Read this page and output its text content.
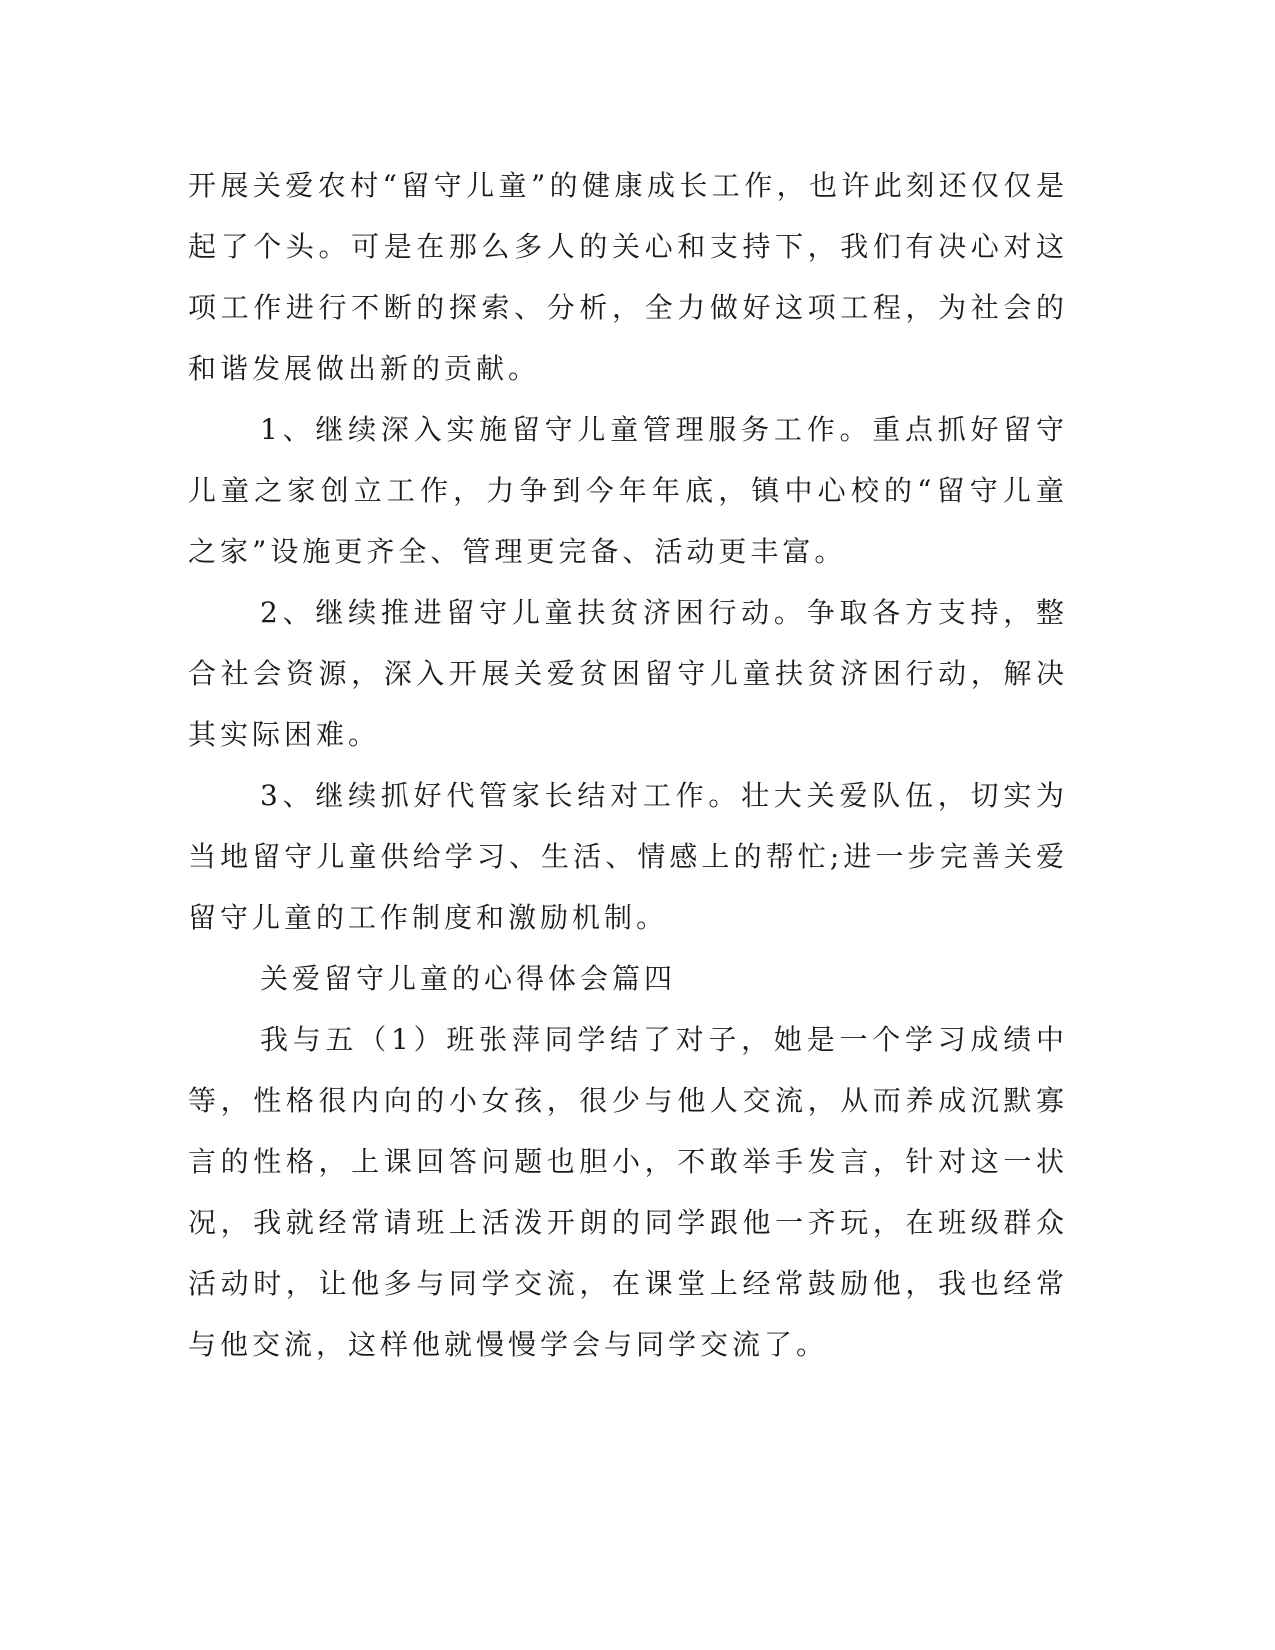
开展关爱农村“留守儿童”的健康成长工作，也许此刻还仅仅是起了个头。可是在那么多人的关心和支持下，我们有决心对这项工作进行不断的探索、分析，全力做好这项工程，为社会的和谐发展做出新的贡献。

1、继续深入实施留守儿童管理服务工作。重点抓好留守儿童之家创立工作，力争到今年年底，镇中心校的“留守儿童之家”设施更齐全、管理更完备、活动更丰富。

2、继续推进留守儿童扶贫济困行动。争取各方支持，整合社会资源，深入开展关爱贫困留守儿童扶贫济困行动，解决其实际困难。

3、继续抓好代管家长结对工作。壮大关爱队伍，切实为当地留守儿童供给学习、生活、情感上的帮忙;进一步完善关爱留守儿童的工作制度和激励机制。

关爱留守儿童的心得体会篇四

我与五（1）班张萍同学结了对子，她是一个学习成绩中等，性格很内向的小女孩，很少与他人交流，从而养成沉默寡言的性格，上课回答问题也胆小，不敢举手发言，针对这一状况，我就经常请班上活泼开朗的同学跟他一齐玩，在班级群众活动时，让他多与同学交流，在课堂上经常鼓励他，我也经常与他交流，这样他就慢慢学会与同学交流了。
